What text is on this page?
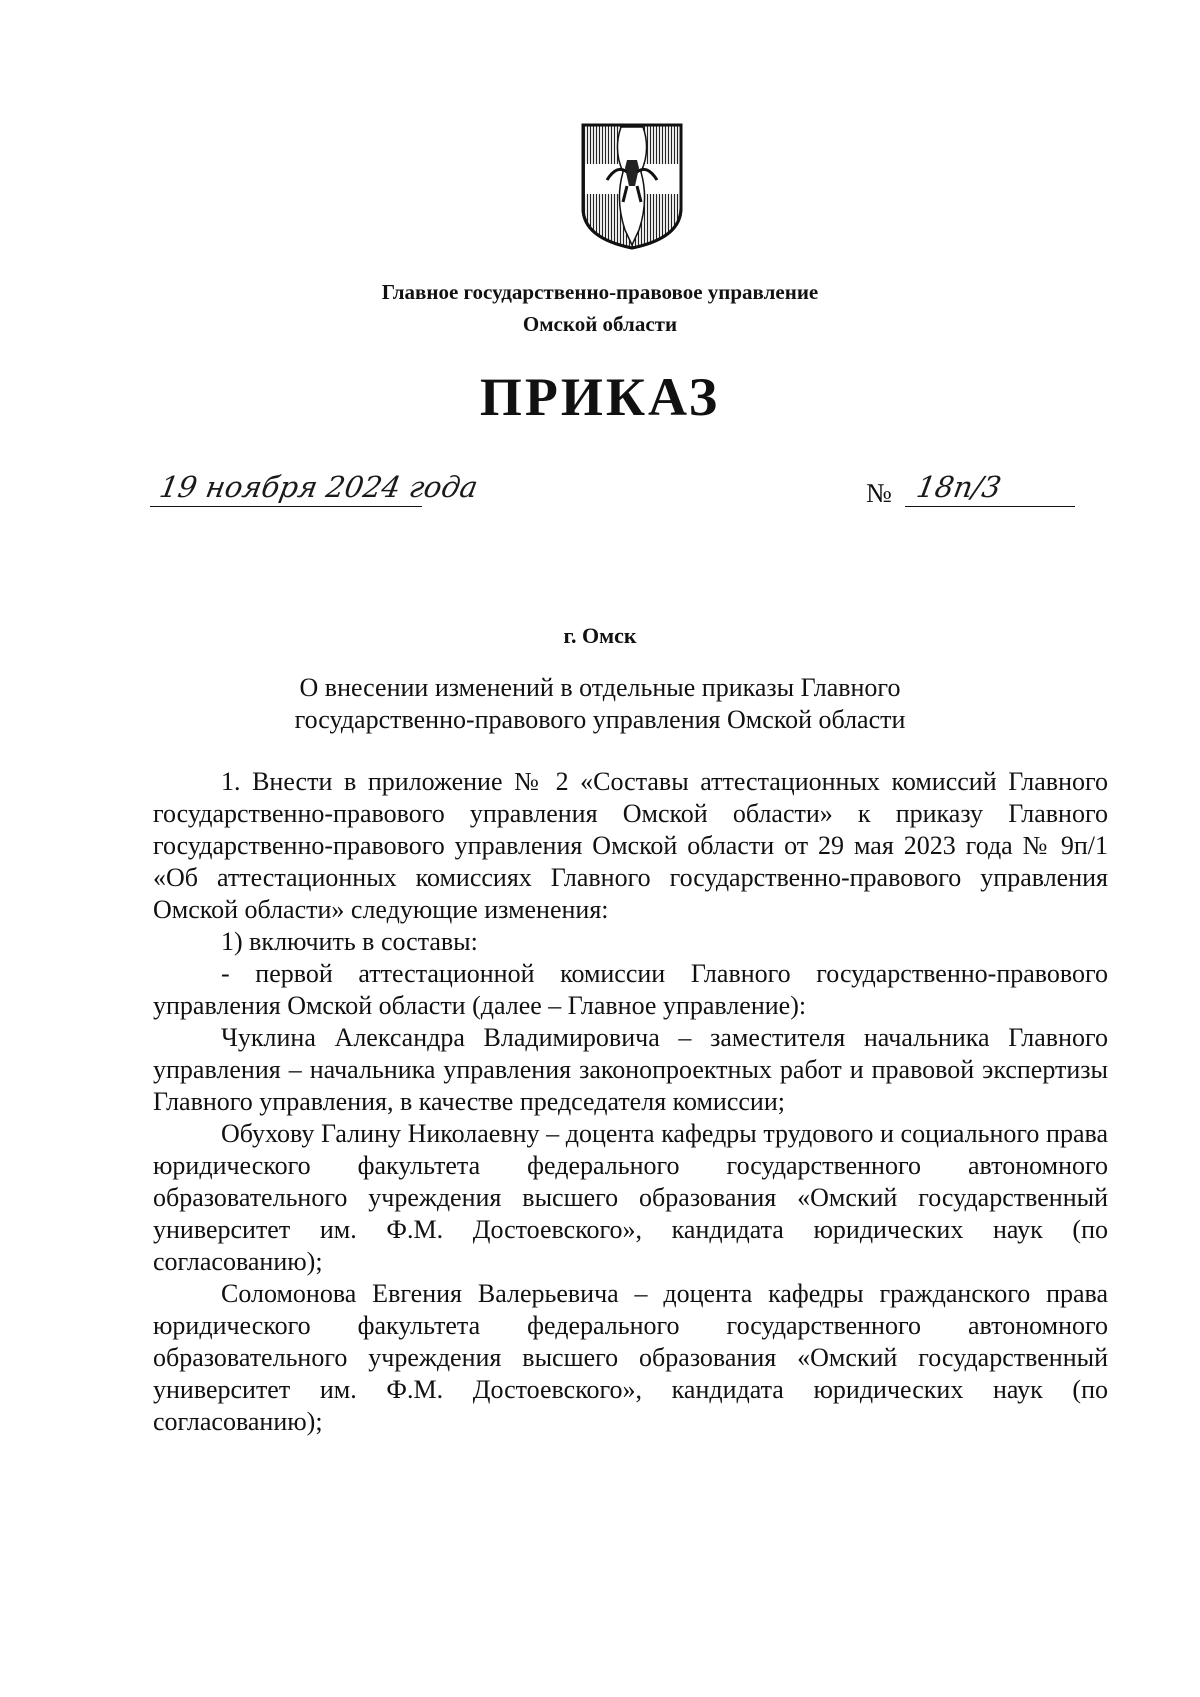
Главное государственно-правовое управление
Омской области
ПРИКАЗ
19 ноября 2024 года	№ 18п/3
г. Омск
О внесении изменений в отдельные приказы Главного
государственно-правового управления Омской области

1. Внести в приложение № 2 «Составы аттестационных комиссий Главного государственно-правового управления Омской области» к приказу Главного государственно-правового управления Омской области от 29 мая 2023 года № 9п/1 «Об аттестационных комиссиях Главного государственно-правового управления Омской области» следующие изменения:

1) включить в составы:

- первой аттестационной комиссии Главного государственно-правового управления Омской области (далее – Главное управление):

Чуклина Александра Владимировича – заместителя начальника Главного управления – начальника управления законопроектных работ и правовой экспертизы Главного управления, в качестве председателя комиссии;

Обухову Галину Николаевну – доцента кафедры трудового и социального права юридического факультета федерального государственного автономного образовательного учреждения высшего образования «Омский государственный университет им. Ф.М. Достоевского», кандидата юридических наук (по согласованию);

Соломонова Евгения Валерьевича – доцента кафедры гражданского права юридического факультета федерального государственного автономного образовательного учреждения высшего образования «Омский государственный университет им. Ф.М. Достоевского», кандидата юридических наук (по согласованию);
